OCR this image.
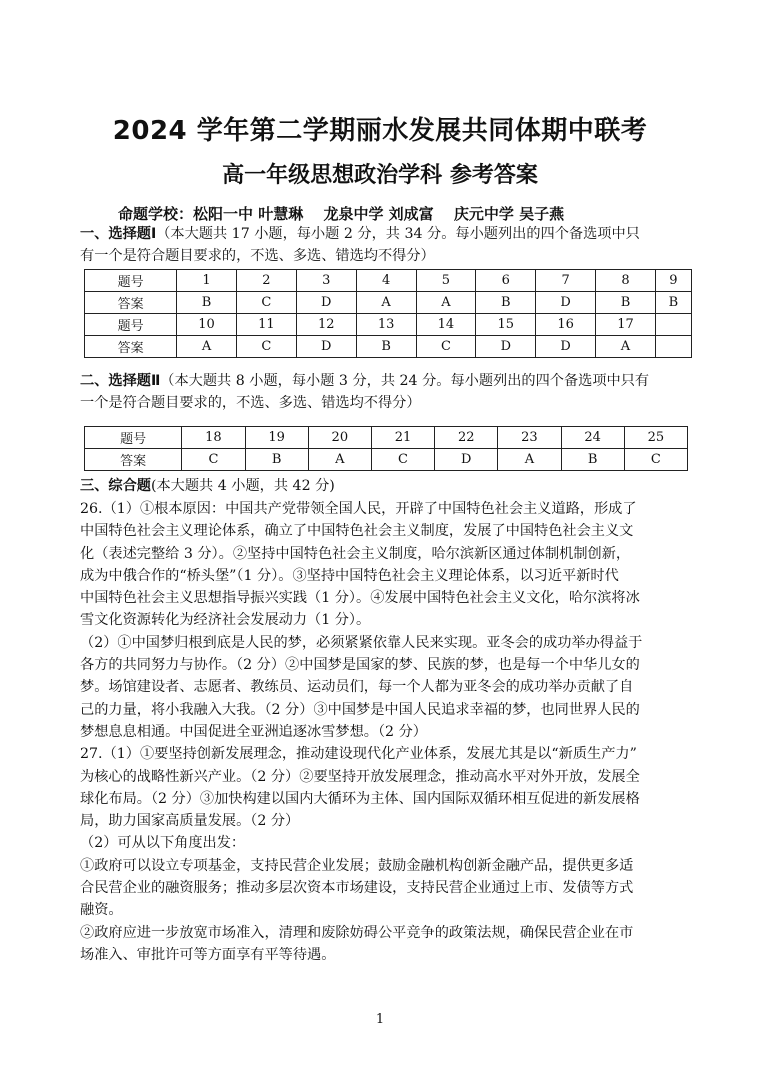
2024 学年第二学期丽水发展共同体期中联考
高一年级思想政治学科 参考答案
命题学校：松阳一中 叶慧琳　 龙泉中学 刘成富　 庆元中学 吴子燕
一、选择题Ⅰ（本大题共 17 小题，每小题 2 分，共 34 分。每小题列出的四个备选项中只
有一个是符合题目要求的，不选、多选、错选均不得分）
题号	1	2	3	4	5	6	7	8	9
答案	B	C	D	A	A	B	D	B	B
题号	10	11	12	13	14	15	16	17	
答案	A	C	D	B	C	D	D	A	
二、选择题Ⅱ（本大题共 8 小题，每小题 3 分，共 24 分。每小题列出的四个备选项中只有
一个是符合题目要求的，不选、多选、错选均不得分）
题号	18	19	20	21	22	23	24	25
答案	C	B	A	C	D	A	B	C
三、综合题(本大题共 4 小题，共 42 分)
26.（1）①根本原因：中国共产党带领全国人民，开辟了中国特色社会主义道路，形成了
中国特色社会主义理论体系，确立了中国特色社会主义制度，发展了中国特色社会主义文
化（表述完整给 3 分）。②坚持中国特色社会主义制度，哈尔滨新区通过体制机制创新，
成为中俄合作的“桥头堡”（1 分）。③坚持中国特色社会主义理论体系，以习近平新时代
中国特色社会主义思想指导振兴实践（1 分）。④发展中国特色社会主义文化，哈尔滨将冰
雪文化资源转化为经济社会发展动力（1 分）。
（2）①中国梦归根到底是人民的梦，必须紧紧依靠人民来实现。亚冬会的成功举办得益于
各方的共同努力与协作。（2 分）②中国梦是国家的梦、民族的梦，也是每一个中华儿女的
梦。场馆建设者、志愿者、教练员、运动员们，每一个人都为亚冬会的成功举办贡献了自
己的力量，将小我融入大我。（2 分）③中国梦是中国人民追求幸福的梦，也同世界人民的
梦想息息相通。中国促进全亚洲追逐冰雪梦想。（2 分）
27.（1）①要坚持创新发展理念，推动建设现代化产业体系，发展尤其是以“新质生产力”
为核心的战略性新兴产业。（2 分）②要坚持开放发展理念，推动高水平对外开放，发展全
球化布局。（2 分）③加快构建以国内大循环为主体、国内国际双循环相互促进的新发展格
局，助力国家高质量发展。（2 分）
（2）可从以下角度出发：
①政府可以设立专项基金，支持民营企业发展；鼓励金融机构创新金融产品，提供更多适
合民营企业的融资服务；推动多层次资本市场建设，支持民营企业通过上市、发债等方式
融资。
②政府应进一步放宽市场准入，清理和废除妨碍公平竞争的政策法规，确保民营企业在市
场准入、审批许可等方面享有平等待遇。
1
